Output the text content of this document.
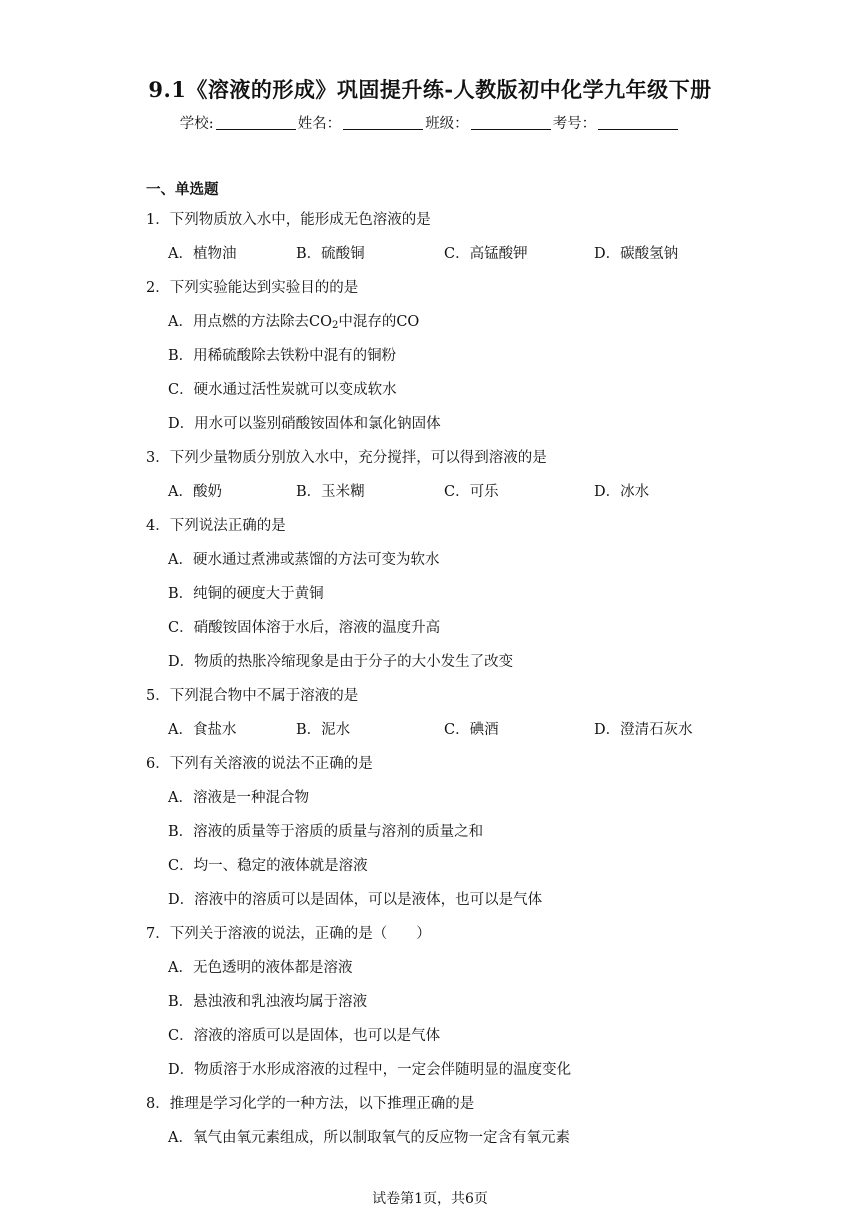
9.1《溶液的形成》巩固提升练-人教版初中化学九年级下册
学校:	姓名：	班级：	考号：
一、单选题
1．下列物质放入水中，能形成无色溶液的是
A．植物油	B．硫酸铜	C．高锰酸钾	D．碳酸氢钠
2．下列实验能达到实验目的的是
A．用点燃的方法除去$CO_2$中混存的CO
B．用稀硫酸除去铁粉中混有的铜粉
C．硬水通过活性炭就可以变成软水
D．用水可以鉴别硝酸铵固体和氯化钠固体
3．下列少量物质分别放入水中，充分搅拌，可以得到溶液的是
A．酸奶	B．玉米糊	C．可乐	D．冰水
4．下列说法正确的是
A．硬水通过煮沸或蒸馏的方法可变为软水
B．纯铜的硬度大于黄铜
C．硝酸铵固体溶于水后，溶液的温度升高
D．物质的热胀冷缩现象是由于分子的大小发生了改变
5．下列混合物中不属于溶液的是
A．食盐水	B．泥水	C．碘酒	D．澄清石灰水
6．下列有关溶液的说法不正确的是
A．溶液是一种混合物
B．溶液的质量等于溶质的质量与溶剂的质量之和
C．均一、稳定的液体就是溶液
D．溶液中的溶质可以是固体，可以是液体，也可以是气体
7．下列关于溶液的说法，正确的是（　　）
A．无色透明的液体都是溶液
B．悬浊液和乳浊液均属于溶液
C．溶液的溶质可以是固体，也可以是气体
D．物质溶于水形成溶液的过程中，一定会伴随明显的温度变化
8．推理是学习化学的一种方法，以下推理正确的是
A．氧气由氧元素组成，所以制取氧气的反应物一定含有氧元素
试卷第1页，共6页
